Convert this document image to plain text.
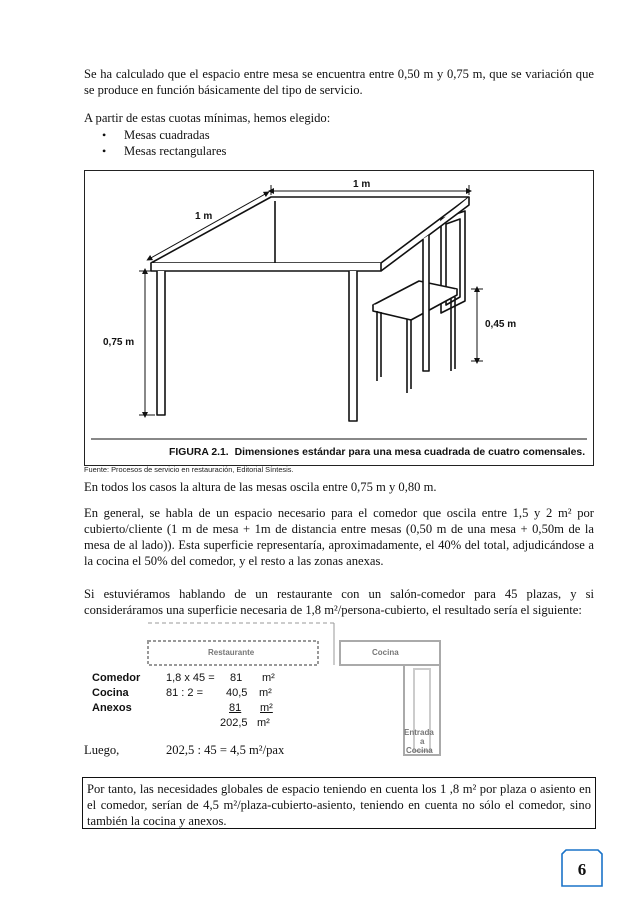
Se ha calculado que el espacio entre mesa se encuentra entre 0,50 m y 0,75 m, que se variación que se produce en función básicamente del tipo de servicio.

A partir de estas cuotas mínimas, hemos elegido:

• Mesas cuadradas
• Mesas rectangulares
1 m
1 m
0,75 m
0,45 m
FIGURA 2.1. Dimensiones estándar para una mesa cuadrada de cuatro comensales.
Fuente: Procesos de servicio en restauración, Editorial Síntesis.

En todos los casos la altura de las mesas oscila entre 0,75 m y 0,80 m.

En general, se habla de un espacio necesario para el comedor que oscila entre 1,5 y 2 m² por cubierto/cliente (1 m de mesa + 1m de distancia entre mesas (0,50 m de una mesa + 0,50m de la mesa de al lado)). Esta superficie representaría, aproximadamente, el 40% del total, adjudicándose a la cocina el 50% del comedor, y el resto a las zonas anexas.

Si estuviéramos hablando de un restaurante con un salón-comedor para 45 plazas, y si consideráramos una superficie necesaria de 1,8 m²/persona-cubierto, el resultado sería el siguiente:

Restaurante	Cocina
Entrada
a
Cocina
Comedor 1,8 x 45 = 81 m²
Cocina	81 : 2 = 40,5 m²
Anexos	81 m²
202,5 m²
Luego,	202,5 : 45 = 4,5 m²/pax
Por tanto, las necesidades globales de espacio teniendo en cuenta los 1 ,8 m² por plaza o asiento en el comedor, serían de 4,5 m²/plaza-cubierto-asiento, teniendo en cuenta no sólo el comedor, sino también la cocina y anexos.
6
